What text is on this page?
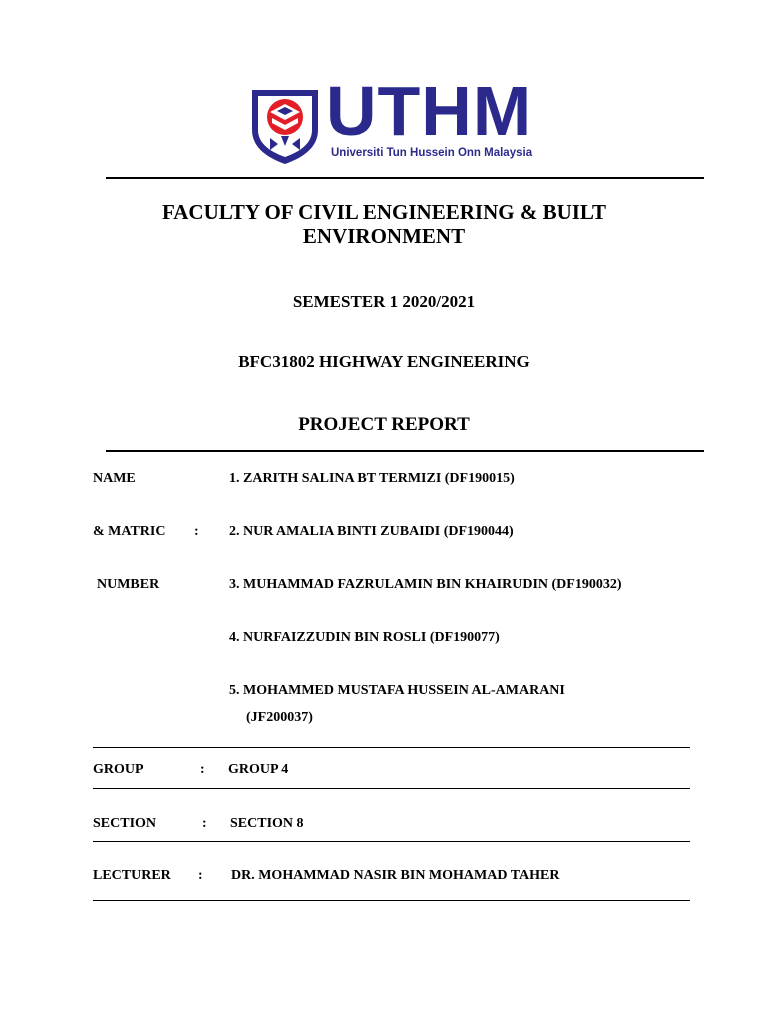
UTHM
Universiti Tun Hussein Onn Malaysia
FACULTY OF CIVIL ENGINEERING & BUILT
ENVIRONMENT
SEMESTER 1 2020/2021
BFC31802 HIGHWAY ENGINEERING
PROJECT REPORT
NAME	1. ZARITH SALINA BT TERMIZI (DF190015)
& MATRIC : 2. NUR AMALIA BINTI ZUBAIDI (DF190044)
NUMBER	3. MUHAMMAD FAZRULAMIN BIN KHAIRUDIN (DF190032)
4. NURFAIZZUDIN BIN ROSLI (DF190077)
5. MOHAMMED MUSTAFA HUSSEIN AL-AMARANI
(JF200037)
GROUP	: GROUP 4
SECTION	: SECTION 8
LECTURER : DR. MOHAMMAD NASIR BIN MOHAMAD TAHER
